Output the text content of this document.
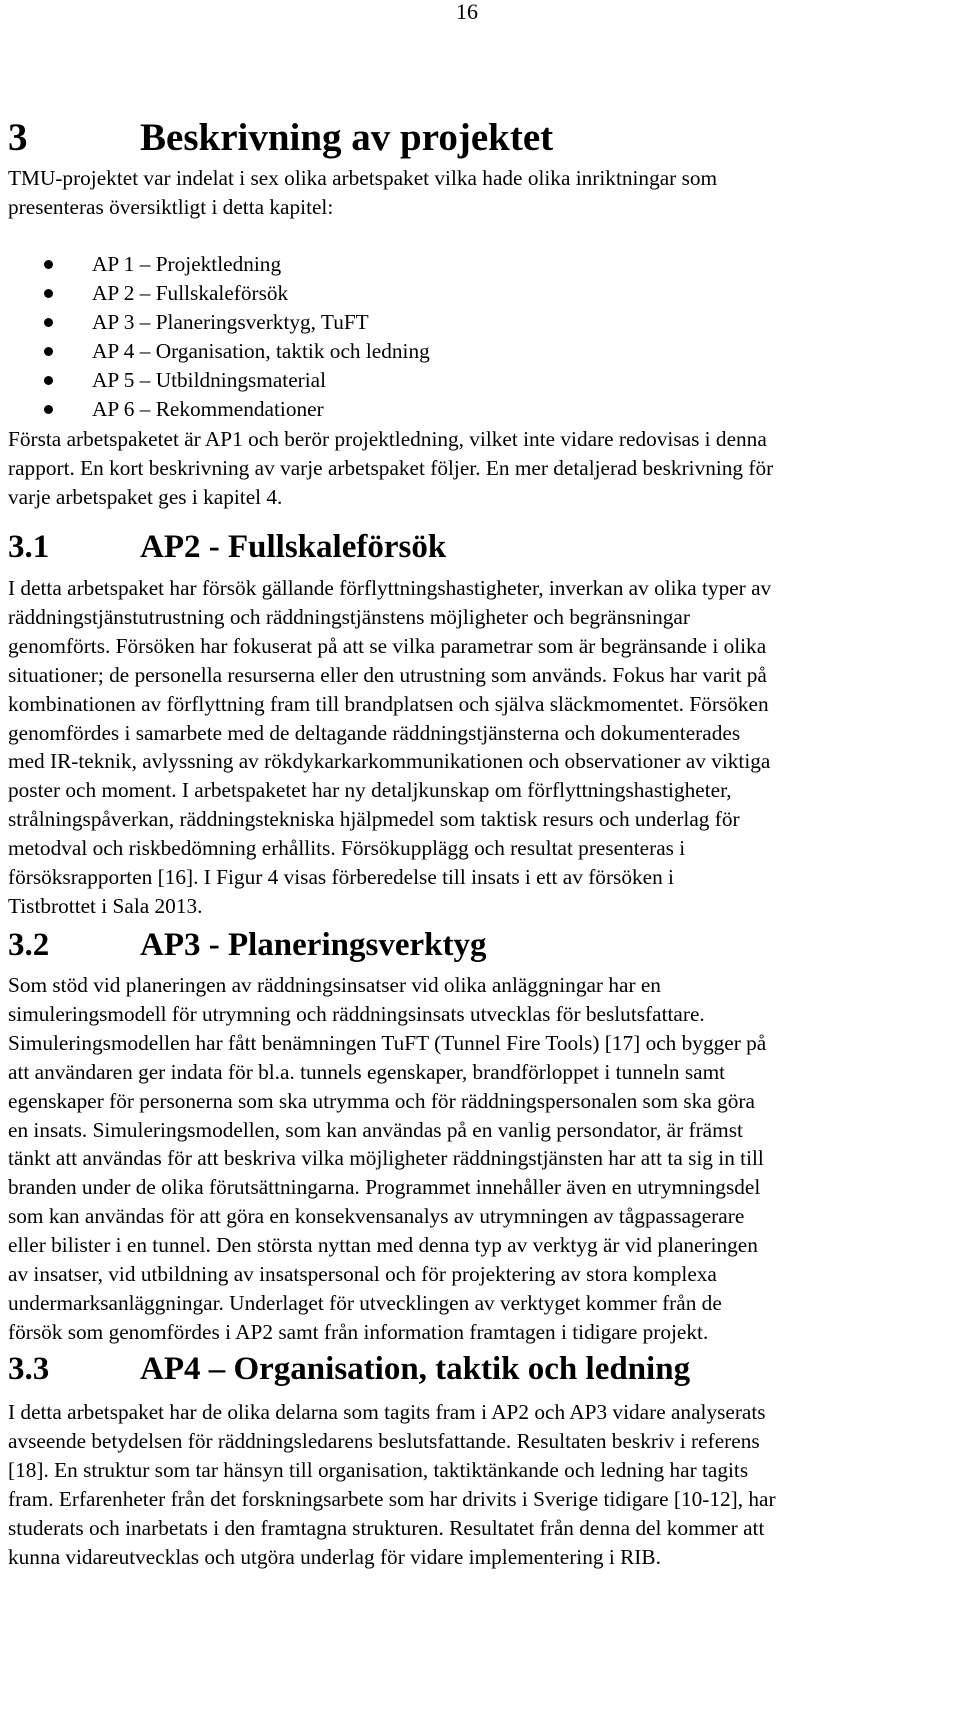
16
3	Beskrivning av projektet

TMU-projektet var indelat i sex olika arbetspaket vilka hade olika inriktningar som
presenteras översiktligt i detta kapitel:

AP 1 – Projektledning
AP 2 – Fullskaleförsök
AP 3 – Planeringsverktyg, TuFT
AP 4 – Organisation, taktik och ledning
AP 5 – Utbildningsmaterial
AP 6 – Rekommendationer

Första arbetspaketet är AP1 och berör projektledning, vilket inte vidare redovisas i denna
rapport. En kort beskrivning av varje arbetspaket följer. En mer detaljerad beskrivning för
varje arbetspaket ges i kapitel 4.

3.1	AP2 - Fullskaleförsök

I detta arbetspaket har försök gällande förflyttningshastigheter, inverkan av olika typer av
räddningstjänstutrustning och räddningstjänstens möjligheter och begränsningar
genomförts. Försöken har fokuserat på att se vilka parametrar som är begränsande i olika
situationer; de personella resurserna eller den utrustning som används. Fokus har varit på
kombinationen av förflyttning fram till brandplatsen och själva släckmomentet. Försöken
genomfördes i samarbete med de deltagande räddningstjänsterna och dokumenterades
med IR-teknik, avlyssning av rökdykarkarkommunikationen och observationer av viktiga
poster och moment. I arbetspaketet har ny detaljkunskap om förflyttningshastigheter,
strålningspåverkan, räddningstekniska hjälpmedel som taktisk resurs och underlag för
metodval och riskbedömning erhållits. Försökupplägg och resultat presenteras i
försöksrapporten [16]. I Figur 4 visas förberedelse till insats i ett av försöken i
Tistbrottet i Sala 2013.

3.2	AP3 - Planeringsverktyg

Som stöd vid planeringen av räddningsinsatser vid olika anläggningar har en
simuleringsmodell för utrymning och räddningsinsats utvecklas för beslutsfattare.
Simuleringsmodellen har fått benämningen TuFT (Tunnel Fire Tools) [17] och bygger på
att användaren ger indata för bl.a. tunnels egenskaper, brandförloppet i tunneln samt
egenskaper för personerna som ska utrymma och för räddningspersonalen som ska göra
en insats. Simuleringsmodellen, som kan användas på en vanlig persondator, är främst
tänkt att användas för att beskriva vilka möjligheter räddningstjänsten har att ta sig in till
branden under de olika förutsättningarna. Programmet innehåller även en utrymningsdel
som kan användas för att göra en konsekvensanalys av utrymningen av tågpassagerare
eller bilister i en tunnel. Den största nyttan med denna typ av verktyg är vid planeringen
av insatser, vid utbildning av insatspersonal och för projektering av stora komplexa
undermarksanläggningar. Underlaget för utvecklingen av verktyget kommer från de
försök som genomfördes i AP2 samt från information framtagen i tidigare projekt.

3.3	AP4 – Organisation, taktik och ledning

I detta arbetspaket har de olika delarna som tagits fram i AP2 och AP3 vidare analyserats
avseende betydelsen för räddningsledarens beslutsfattande. Resultaten beskriv i referens
[18]. En struktur som tar hänsyn till organisation, taktiktänkande och ledning har tagits
fram. Erfarenheter från det forskningsarbete som har drivits i Sverige tidigare [10-12], har
studerats och inarbetats i den framtagna strukturen. Resultatet från denna del kommer att
kunna vidareutvecklas och utgöra underlag för vidare implementering i RIB.
